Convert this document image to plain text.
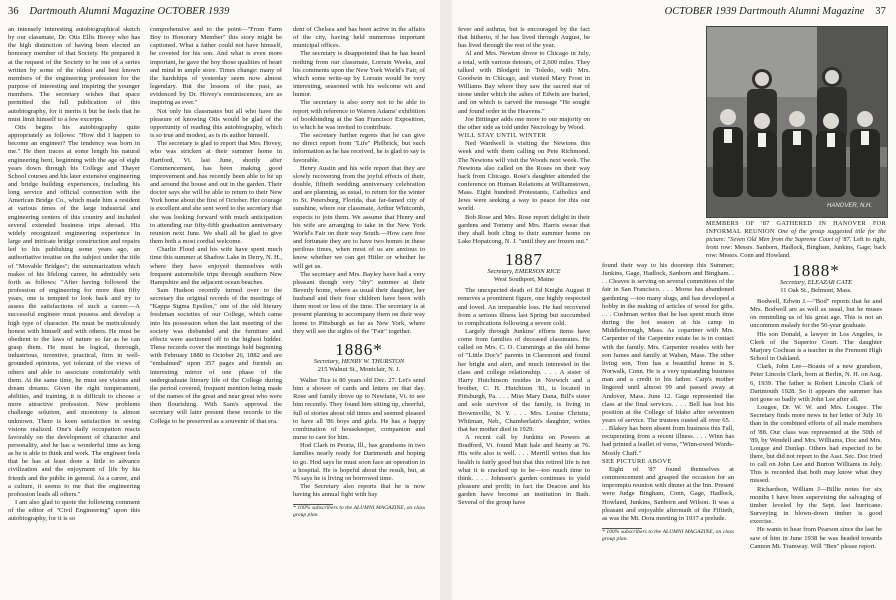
36 Dartmouth Alumni Magazine OCTOBER 1939

an intensely interesting autobiographical sketch by our classmate, Dr. Otis Ellis Hovey who has the high distinction of having been elected an honorary member of that Society. He prepared it at the request of the Society to be one of a series written by some of the oldest and best known members of the engineering profession for the purpose of interesting and inspiring the younger members. The secretary wishes that space permitted the full publication of this autobiography, for it merits it but he feels that he must limit himself to a few excerpts.

Otis begins his autobiography quite appropriately as follows: "How did I happen to become an engineer? The tendency was born in me." He then traces at some length his natural engineering bent, beginning with the age of eight years down through his College and Thayer School courses and his later extensive engineering and bridge building experiences, including his long service and official connection with the American Bridge Co., which made him a resident at various times of the large industrial and engineering centers of this country and included several extended business trips abroad. His widely recognized engineering experience in large and intricate bridge construction and repairs led to his publishing some years ago, an authoritative treatise on the subject under the title of "Movable Bridges"; the summarization which makes of his lifelong career, he admirably sets forth as follows: "After having followed the profession of engineering for more than fifty years, one is tempted to look back and try to assess the satisfactions of such a career.—A successful engineer must possess and develop a high type of character. He must be meticulously honest with himself and with others. He must be obedient to the laws of nature so far as he can grasp them. He must be logical, thorough, industrious, inventive, practical, firm in well-grounded opinions, yet tolerant of the views of others and able to associate comfortably with them. At the same time, he must see visions and dream dreams. Given the right temperament, abilities, and training, it is difficult to choose a more attractive profession. New problems challenge solution, and monotony is almost unknown. There is keen satisfaction in seeing visions realized. One's daily occupation reacts favorably on the development of character and personality, and he has a wonderful time as long as he is able to think and work. The engineer feels that he has at least done a little to advance civilization and the enjoyment of life by his friends and the public in general. As a career, and a culture, it seems to me that the engineering profession leads all others."

I am also glad to quote the following comment of the editor of "Civil Engineering" upon this autobiography, for it is so

comprehensive and to the point—"From Farm Boy to Honorary Member" this story might be captioned. What a father could not have himself, he coveted for his son. And what is even more important, he gave the boy those qualities of heart and mind in ample store. Times change: many of the hardships of yesterday seem now almost legendary. But the lessons of the past, as evidenced by Dr. Hovey's reminiscences, are as inspiring as ever."

Not only his classmates but all who have the pleasure of knowing Otis would be glad of the opportunity of reading this autobiography, which is so true and modest, as is its author himself.

The secretary is glad to report that Mrs. Hovey, who was stricken at their summer home in Hartford, Vt. last June, shortly after Commencement, has been making good improvement and has recently been able to be up and around the house and out in the garden. Their doctor says she will be able to return to their New York home about the first of October. Her courage is excellent and she sent word to the secretary that she was looking forward with much anticipation to attending our fifty-fifth graduation anniversary reunion next June. We shall all be glad to give them both a most cordial welcome.

Charlie Flood and his wife have spent much time this summer at Shadow Lake in Derry, N. H., where they have enjoyed themselves with frequent automobile trips through southern New Hampshire and the adjacent ocean beaches.

Sam Hudson recently turned over to the secretary the original records of the meetings of "Kappa Sigma Epsilon," one of the old literary freshman societies of our College, which came into his possession when the last meeting of the society was disbanded and the furniture and effects were auctioned off to the highest bidder. These records cover the meetings held beginning with February 1880 to October 26, 1882 and are "embalmed" upon 357 pages and furnish an interesting mirror of one phase of the undergraduate literary life of the College during the period covered, frequent mention being made of the names of the great and near great who were then flourishing. With Sam's approval the secretary will later present these records to the College to be preserved as a souvenir of that era.

dent of Chelsea and has been active in the affairs of the city, having held numerous important municipal offices.

The secretary is disappointed that he has heard nothing from our classmate, Lorrain Weeks, and his comments upon the New York World's Fair, of which some write-up by Lorrain would be very interesting, seasoned with his welcome wit and humor.

The secretary is also sorry not to be able to report with reference to Warren Adams' exhibition of bookbinding at the San Francisco Exposition, to which he was invited to contribute.

The secretary further regrets that he can give no direct report from "Life" Philbrick, but such information as he has received, he is glad to say is favorable.

Henry Austin and his wife report that they are slowly recovering from the joyful effects of their, double, fiftieth wedding anniversary celebration and are planning, as usual, to return for the winter to St. Petersburg, Florida, that far-famed city of sunshine, where our classmate, Arthur Whitcomb, expects to join them. We assume that Henry and his wife are arranging to take in the New York World's Fair on their way South.—How care free and fortunate they are to have two homes in these perilous times, when most of us are anxious to know whether we can get Hitler or whether he will get us.

The secretary and Mrs. Bayley have had a very pleasant though very "dry" summer at their Beverly home, where as usual their daughter, her husband and their four children have been with them most or less of the time. The secretary is at present planning to accompany them on their way home to Pittsburgh as far as New York, where they will see the sights of the "Fair" together.

1886*
Secretary, HENRY W. THURSTON
215 Walnut St., Montclair, N. J.

Walter Tice is 80 years old Dec. 27. Let's send him a shower of cards and letters on that day. Rose and family drove up to Newfane, Vt. to see him recently. They found him sitting up, cheerful, full of stories about old times and seemed pleased to have all '86 boys and girls. He has a happy combination of housekeeper, companion and nurse to care for him.

Hod Clark in Peoria, Ill., has grandsons in two families nearly ready for Dartmouth and hoping to go. Hod says he must soon face an operation in a hospital. He is hopeful about the result, but, at 76 says he is living on borrowed time.

The Secretary also reports that he is now having his annual fight with hay

* 100% subscribers to the ALUMNI MAGAZINE, on class group plan.

OCTOBER 1939 Dartmouth Alumni Magazine 37

fever and asthma, but is encouraged by the fact that hitherto, if he has lived through August, he has lived through the rest of the year.

Al and Mrs. Newton drove to Chicago in July, a total, with various detours, of 2,600 miles. They talked with Blodgett in Toledo, with Mrs. Goodwin in Chicago, and visited Mary Frost in Williams Bay where they saw the sacred star of stone under which the ashes of Edwin are buried, and on which is carved the message "He sought and found order in the Heavens."

Joe Bittinger adds one more to our majority on the other side as told under Necrology by Wood.

WILL STAY UNTIL WINTER

Ned Wardwell is visiting the Newtons this week and with them calling on Pete Richmond. The Newtons will visit the Woods next week. The Newtons also called on the Roses on their way back from Chicago. Rose's daughter attended the conference on Human Relations at Williamstown, Mass. Eight hundred Protestants, Catholics and Jews were seeking a way to peace for this our world.

Bob Rose and Mrs. Rose report delight in their gardens and Tommy and Mrs. Harris swear that they shall both cling to their summer home on Lake Hopatcong, N. J. "until they are frozen out."

1887
Secretary, EMERSON RICE
West Southport, Maine

The unexpected death of Ed Knight August 8 removes a prominent figure, one highly respected and loved. An irreparable loss. He had recovered from a serious illness last Spring but succumbed to complications following a severe cold.

Largely through Junkins' efforts items have come from families of deceased classmates. He called on Mrs. C. O. Cummings at the old home of "Little Doc's" parents in Claremont and found her bright and alert, and much interested in the class and college relationship. . . . A sister of Harry Hutchinson resides in Norwich and a brother, C. H. Hutchison '81, is located in Pittsburgh, Pa. . . . Miss Mary Dana, Bill's sister and sole survivor of the family, is living in Brownsville, N. Y. . . . Mrs. Louise Christie, Whitman, Neb., Chamberlain's daughter, writes that her mother died in 1929.

A recent call by Junkins on Powers at Bradford, Vt. found Matt hale and hearty at 76. His wife also is well. . . . Merrill writes that his health is fairly good but that this retired life is not what it is cracked up to be—too much time to think. . . . Johnson's garden continues to yield pleasure and profit; in fact the Deacon and his garden have become an institution in Bath. Several of the group have

HANOVER, N.H.
MEMBERS OF '87 GATHERED IN HANOVER FOR INFORMAL REUNION One of the group suggested title for the picture: "Seven Old Men from the Supreme Court of '87. Left to right, front row: Messrs. Sanborn, Hadlock, Bingham, Junkins, Gage; back row: Messrs. Conn and Howland.

found their way to his doorstep this Summer; Junkins, Gage, Hadlock, Sanborn and Bingham. . . . Cleaves is serving on several committees of the fair in San Francisco. . . . Morse has abandoned gardening —too many slugs, and has developed a hobby in the making of articles of wood for gifts. . . . Cushman writes that he has spent much time during the hot season at his camp in Middleborough, Mass. As copartner with Mrs. Carpenter of the Carpenter estate he is in contact with the family. Mrs. Carpenter resides with her son James and family at Waban, Mass. The other living son, Tom has a beautiful home in S. Norwalk, Conn. He is a very upstanding business man and a credit to his father. Carp's mother lingered until almost 99 and passed away at Andover, Mass. June 12. Gage represented the class at the final services. . . . Bell has lost his position at the College of Idaho after seventeen years of service. The trustees ousted all over 65. . . . Blakey has been absent from business this Fall, recuperating from a recent illness. . . . Winn has had printed a leaflet of verse, "Winn-owed Words-Mostly Chaff."

SEE PICTURE ABOVE

Eight of '87 found themselves at commencement and grasped the occasion for an impromptu reunion with dinner at the Inn. Present were Judge Bingham, Conn, Gage, Hadlock, Howland, Junkins, Sanborn and Wilson. It was a pleasant and enjoyable aftermath of the Fiftieth, as was the Mt. Dora meeting in 1937 a prelude.

* 100% subscribers to the ALUMNI MAGAZINE, on class group plan.

1888*
Secretary, ELEAZAR CATE
11 Oak St., Belmont, Mass.

Bodwell, Edwin J.—"Bod" reports that he and Mrs. Bodwell are as well as usual, but he muses on reminding us of his great age. This is not an uncommon malady for the 50-year graduate.

His son Donald, a lawyer in Los Angeles, is Clerk of the Superior Court. The daughter Marjory Cochran is a teacher in the Fremont High School in Oakland.

Clark, John Lee—Boasts of a new grandson, Peter Lincoln Clark, born at Berlin, N. H. on Aug. 6, 1939. The father is Robert Lincoln Clark of Dartmouth 1928. So it appears the summer has not gone so badly with John Lee after all.

Lougee, Dr. W. W. and Mrs. Lougee. The Secretary finds more news in her letter of July 16 than in the combined efforts of all male members of '88. Our class was represented at the 50th of '89, by Wendell and Mrs. Williams, Doc and Mrs. Lougee and Dunlap. Others had expected to be there, but did not report to the Asst. Sec. Doc tried to call on John Lee and Burton Williams in July. This is recorded that both may know what they missed.

Richardson, William J—Billie notes for six months I have been supervising the salvaging of timber leveled by the Sept. last hurricane. Surveying in blown-down timber is good exercise.

He wants to hear from Pearson since the last he saw of him in June 1938 he was headed towards Cannon Mt. Tramway. Will "Ben" please report.
